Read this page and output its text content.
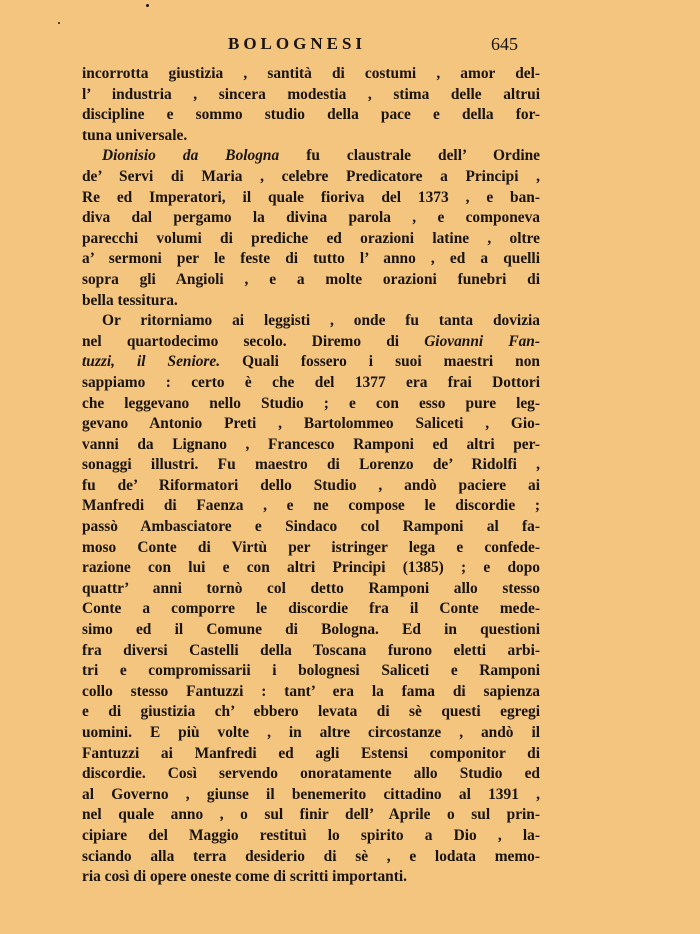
BOLOGNESI	645
incorrotta giustizia , santità di costumi , amor del-
l’ industria , sincera modestia , stima delle altrui
discipline e sommo studio della pace e della for-
tuna universale.
Dionisio da Bologna fu claustrale dell’ Ordine
de’ Servi di Maria , celebre Predicatore a Principi ,
Re ed Imperatori, il quale fioriva del 1373 , e ban-
diva dal pergamo la divina parola , e componeva
parecchi volumi di prediche ed orazioni latine , oltre
a’ sermoni per le feste di tutto l’ anno , ed a quelli
sopra gli Angioli , e a molte orazioni funebri di
bella tessitura.
Or ritorniamo ai leggisti , onde fu tanta dovizia
nel quartodecimo secolo. Diremo di Giovanni Fan-
tuzzi, il Seniore. Quali fossero i suoi maestri non
sappiamo : certo è che del 1377 era frai Dottori
che leggevano nello Studio ; e con esso pure leg-
gevano Antonio Preti , Bartolommeo Saliceti , Gio-
vanni da Lignano , Francesco Ramponi ed altri per-
sonaggi illustri. Fu maestro di Lorenzo de’ Ridolfi ,
fu de’ Riformatori dello Studio , andò paciere ai
Manfredi di Faenza , e ne compose le discordie ;
passò Ambasciatore e Sindaco col Ramponi al fa-
moso Conte di Virtù per istringer lega e confede-
razione con lui e con altri Principi (1385) ; e dopo
quattr’ anni tornò col detto Ramponi allo stesso
Conte a comporre le discordie fra il Conte mede-
simo ed il Comune di Bologna. Ed in questioni
fra diversi Castelli della Toscana furono eletti arbi-
tri e compromissarii i bolognesi Saliceti e Ramponi
collo stesso Fantuzzi : tant’ era la fama di sapienza
e di giustizia ch’ ebbero levata di sè questi egregi
uomini. E più volte , in altre circostanze , andò il
Fantuzzi ai Manfredi ed agli Estensi componitor di
discordie. Così servendo onoratamente allo Studio ed
al Governo , giunse il benemerito cittadino al 1391 ,
nel quale anno , o sul finir dell’ Aprile o sul prin-
cipiare del Maggio restituì lo spirito a Dio , la-
sciando alla terra desiderio di sè , e lodata memo-
ria così di opere oneste come di scritti importanti.
